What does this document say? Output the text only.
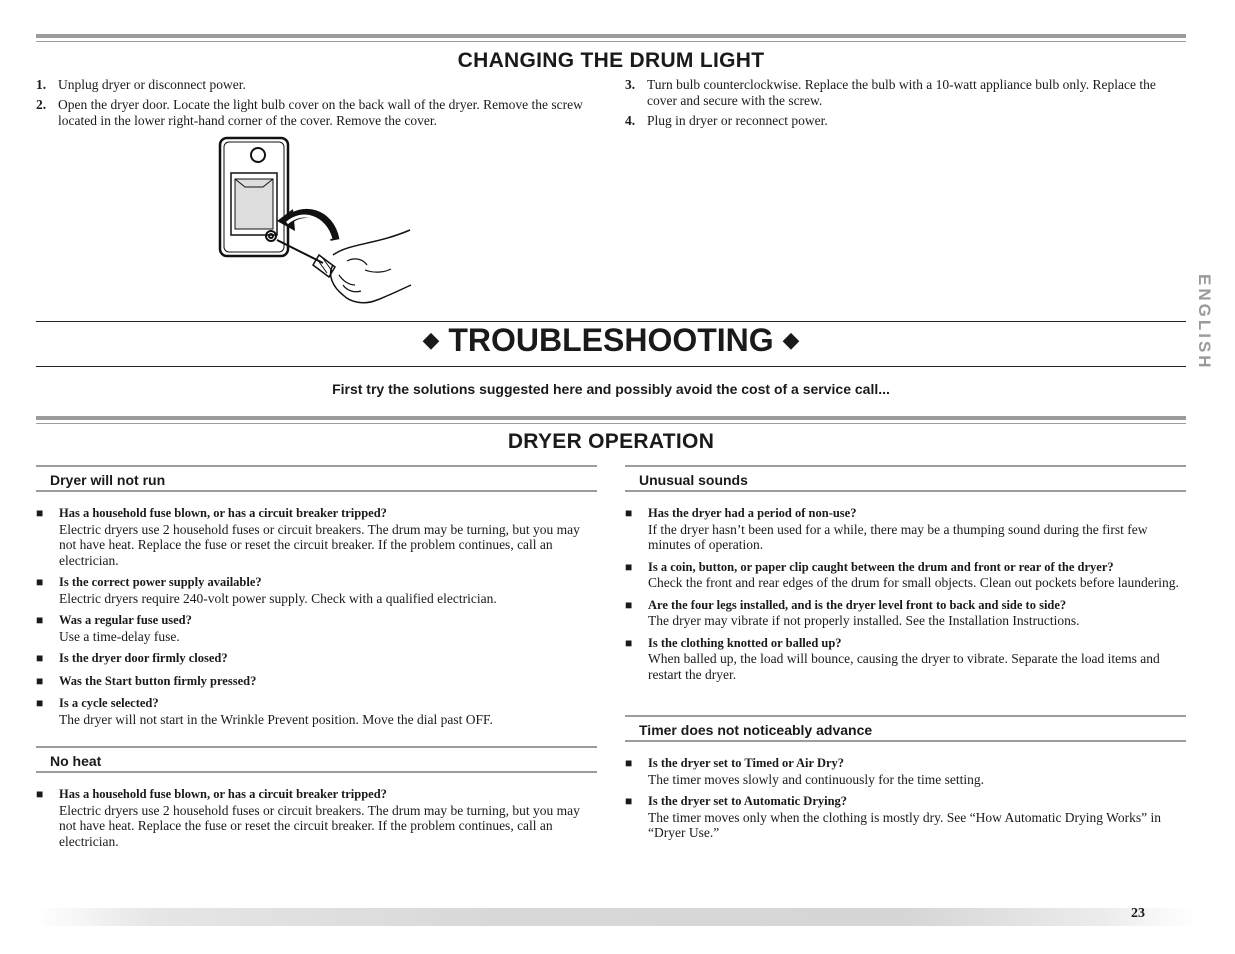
CHANGING THE DRUM LIGHT
1. Unplug dryer or disconnect power.
2. Open the dryer door. Locate the light bulb cover on the back wall of the dryer. Remove the screw located in the lower right-hand corner of the cover. Remove the cover.
3. Turn bulb counterclockwise. Replace the bulb with a 10-watt appliance bulb only. Replace the cover and secure with the screw.
4. Plug in dryer or reconnect power.
ENGLISH
◆ TROUBLESHOOTING ◆
First try the solutions suggested here and possibly avoid the cost of a service call...
DRYER OPERATION
Dryer will not run
■	Has a household fuse blown, or has a circuit breaker tripped?
Electric dryers use 2 household fuses or circuit breakers. The drum may be turning, but you may not have heat. Replace the fuse or reset the circuit breaker. If the problem continues, call an electrician.
■	Is the correct power supply available?
Electric dryers require 240-volt power supply. Check with a qualified electrician.
■	Was a regular fuse used?
Use a time-delay fuse.
■	Is the dryer door firmly closed?
■	Was the Start button firmly pressed?
■	Is a cycle selected?
The dryer will not start in the Wrinkle Prevent position. Move the dial past OFF.
No heat
■	Has a household fuse blown, or has a circuit breaker tripped?
Electric dryers use 2 household fuses or circuit breakers. The drum may be turning, but you may not have heat. Replace the fuse or reset the circuit breaker. If the problem continues, call an electrician.
Unusual sounds
■	Has the dryer had a period of non-use?
If the dryer hasn’t been used for a while, there may be a thumping sound during the first few minutes of operation.
■	Is a coin, button, or paper clip caught between the drum and front or rear of the dryer?
Check the front and rear edges of the drum for small objects. Clean out pockets before laundering.
■	Are the four legs installed, and is the dryer level front to back and side to side?
The dryer may vibrate if not properly installed. See the Installation Instructions.
■	Is the clothing knotted or balled up?
When balled up, the load will bounce, causing the dryer to vibrate. Separate the load items and restart the dryer.
Timer does not noticeably advance
■	Is the dryer set to Timed or Air Dry?
The timer moves slowly and continuously for the time setting.
■	Is the dryer set to Automatic Drying?
The timer moves only when the clothing is mostly dry. See “How Automatic Drying Works” in “Dryer Use.”
23
